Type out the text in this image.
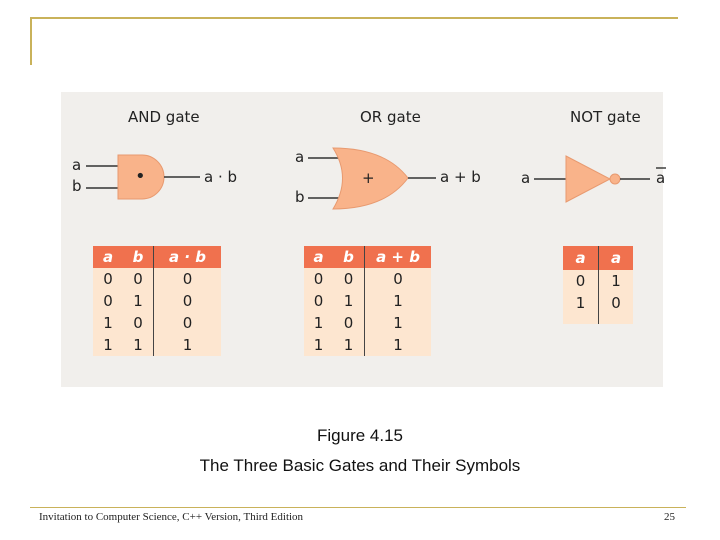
AND gate	OR gate	NOT gate
•	+
a
b	a · b
a
b
a + b	a	a
a	b	a · b
0	0	0
0	1	0
1	0	0
1	1	1
a	b	a + b
0	0	0
0	1	1
1	0	1
1	1	1
a	a
0	1
1	0

Figure 4.15
The Three Basic Gates and Their Symbols
Invitation to Computer Science, C++ Version, Third Edition	25
